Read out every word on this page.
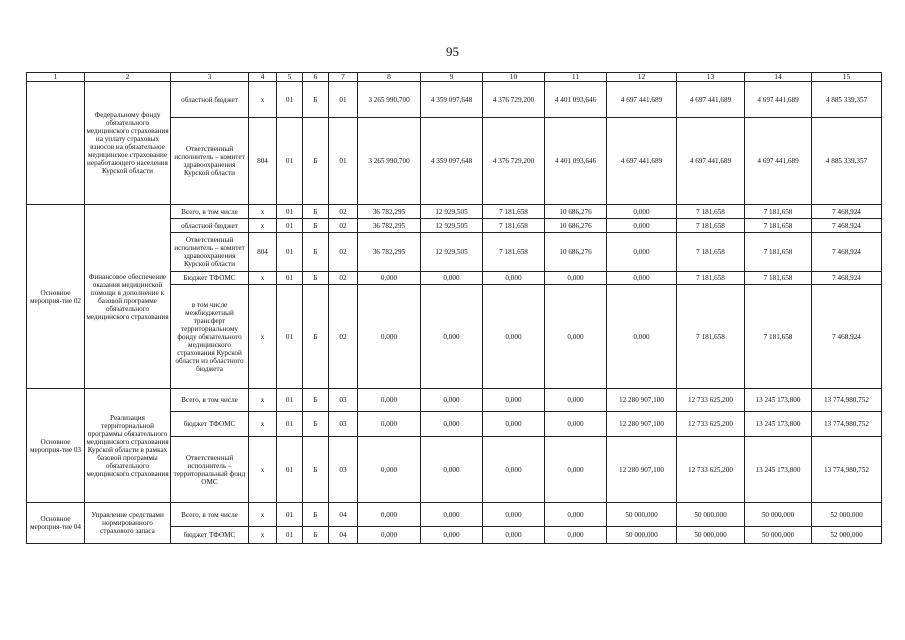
95
1	2	3	4	5	6	7	8	9	10	11	12	13	14	15
	Федеральному фонду обязательного медицинского страхования на уплату страховых взносов на обязательное медицинское страхование неработающего населения Курской области	областной бюджет	х	01	Б	01	3 265 990,700	4 359 097,648	4 376 729,200	4 401 093,646	4 697 441,689	4 697 441,689	4 697 441,689	4 885 339,357
		Ответственный исполнитель – комитет здравоохранения Курской области	804	01	Б	01	3 265 990,700	4 359 097,648	4 376 729,200	4 401 093,646	4 697 441,689	4 697 441,689	4 697 441,689	4 885 339,357
Основное мероприя-тие 02	Финансовое обеспечение оказания медицинской помощи в дополнение к базовой программе обязательного медицинского страхования	Всего, в том числе	х	01	Б	02	36 782,295	12 929,505	7 181,658	10 686,276	0,000	7 181,658	7 181,658	7 468,924
		областной бюджет	х	01	Б	02	36 782,295	12 929,505	7 181,658	10 686,276	0,000	7 181,658	7 181,658	7 468,924
		Ответственный исполнитель – комитет здравоохранения Курской области	804	01	Б	02	36 782,295	12 929,505	7 181,658	10 686,276	0,000	7 181,658	7 181,658	7 468,924
		Бюджет ТФОМС	х	01	Б	02	0,000	0,000	0,000	0,000	0,000	7 181,658	7 181,658	7 468,924
		в том числе межбюджетный трансферт территориальному фонду обязательного медицинского страхования Курской области из областного бюджета	х	01	Б	02	0,000	0,000	0,000	0,000	0,000	7 181,658	7 181,658	7 468,924
Основное мероприя-тие 03	Реализация территориальной программы обязательного медицинского страхования Курской области в рамках базовой программы обязательного медицинского страхования	Всего, в том числе	х	01	Б	03	0,000	0,000	0,000	0,000	12 280 907,100	12 733 625,200	13 245 173,800	13 774,980,752
		бюджет ТФОМС	х	01	Б	03	0,000	0,000	0,000	0,000	12 280 907,100	12 733 625,200	13 245 173,800	13 774,980,752
		Ответственный исполнитель – территориальный фонд ОМС	х	01	Б	03	0,000	0,000	0,000	0,000	12 280 907,100	12 733 625,200	13 245 173,800	13 774,980,752
Основное мероприя-тие 04	Управление средствами нормированного страхового запаса	Всего, в том числе	х	01	Б	04	0,000	0,000	0,000	0,000	50 000,000	50 000,000	50 000,000	52 000,000
		бюджет ТФОМС	х	01	Б	04	0,000	0,000	0,000	0,000	50 000,000	50 000,000	50 000,000	52 000,000
